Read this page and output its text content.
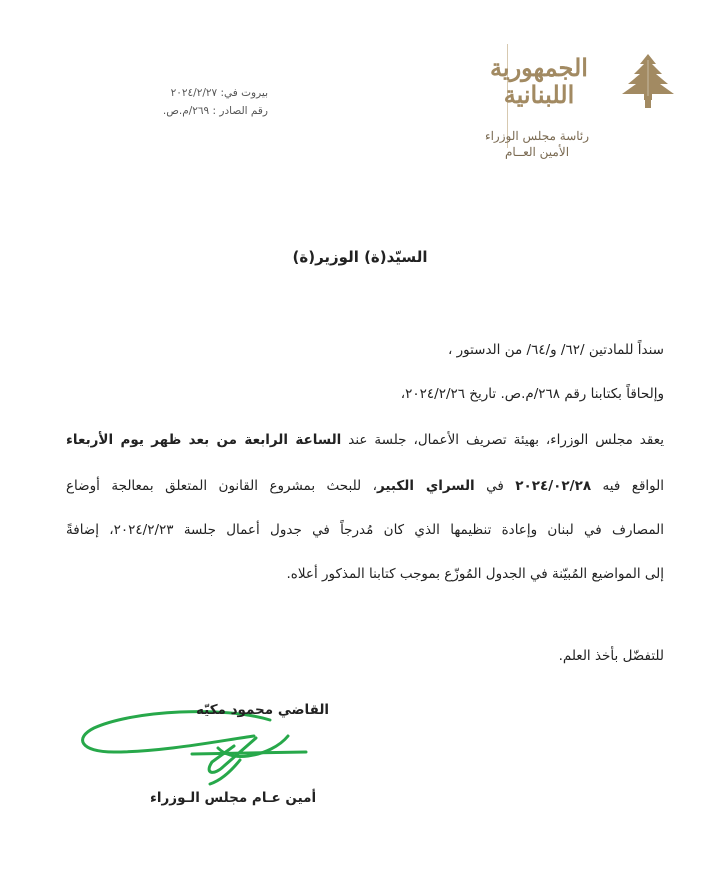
الجمهورية
اللبنانية
رئاسة مجلس الوزراء
الأمين العــام
بيروت في: ٢٠٢٤/٢/٢٧
رقم الصادر : ٢٦٩/م.ص.
السيّد(ة) الوزير(ة)
سنداً للمادتين /٦٢/ و/٦٤/ من الدستور ،
وإلحاقاً بكتابنا رقم ٢٦٨/م.ص. تاريخ ٢٠٢٤/٢/٢٦،
يعقد مجلس الوزراء، بهيئة تصريف الأعمال، جلسة عند الساعة الرابعة من بعد ظهر يوم الأربعاء
الواقع فيه ٢٠٢٤/٠٢/٢٨ في السراي الكبير، للبحث بمشروع القانون المتعلق بمعالجة أوضاع
المصارف في لبنان وإعادة تنظيمها الذي كان مُدرجاً في جدول أعمال جلسة ٢٠٢٤/٢/٢٣، إضافةً
إلى المواضيع المُبيّنة في الجدول المُوزّع بموجب كتابنا المذكور أعلاه.
للتفضّل بأخذ العلم.
القاضي محمود مكيّه
أمين عـام مجلس الـوزراء
